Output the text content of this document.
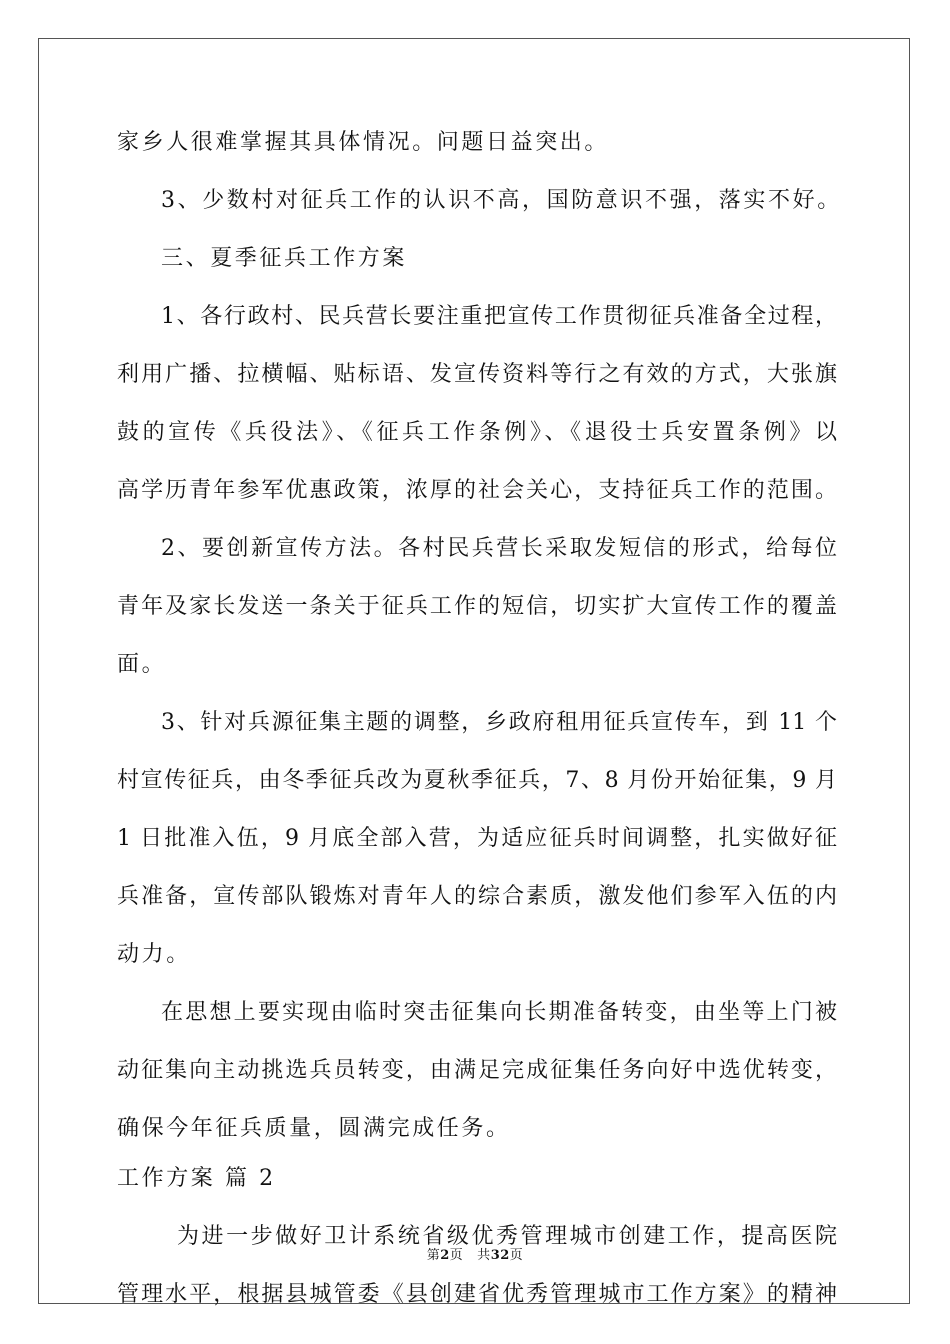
家乡人很难掌握其具体情况。问题日益突出。
3、少数村对征兵工作的认识不高，国防意识不强，落实不好。
三、夏季征兵工作方案
1、各行政村、民兵营长要注重把宣传工作贯彻征兵准备全过程，
利用广播、拉横幅、贴标语、发宣传资料等行之有效的方式，大张旗
鼓的宣传《兵役法》、《征兵工作条例》、《退役士兵安置条例》以
高学历青年参军优惠政策，浓厚的社会关心，支持征兵工作的范围。
2、要创新宣传方法。各村民兵营长采取发短信的形式，给每位
青年及家长发送一条关于征兵工作的短信，切实扩大宣传工作的覆盖
面。
3、针对兵源征集主题的调整，乡政府租用征兵宣传车，到 11 个
村宣传征兵，由冬季征兵改为夏秋季征兵，7、8 月份开始征集，9 月
1 日批准入伍，9 月底全部入营，为适应征兵时间调整，扎实做好征
兵准备，宣传部队锻炼对青年人的综合素质，激发他们参军入伍的内
动力。
在思想上要实现由临时突击征集向长期准备转变，由坐等上门被
动征集向主动挑选兵员转变，由满足完成征集任务向好中选优转变，
确保今年征兵质量，圆满完成任务。
工作方案 篇 2
为进一步做好卫计系统省级优秀管理城市创建工作，提高医院
管理水平，根据县城管委《县创建省优秀管理城市工作方案》的精神
第2页 共32页
